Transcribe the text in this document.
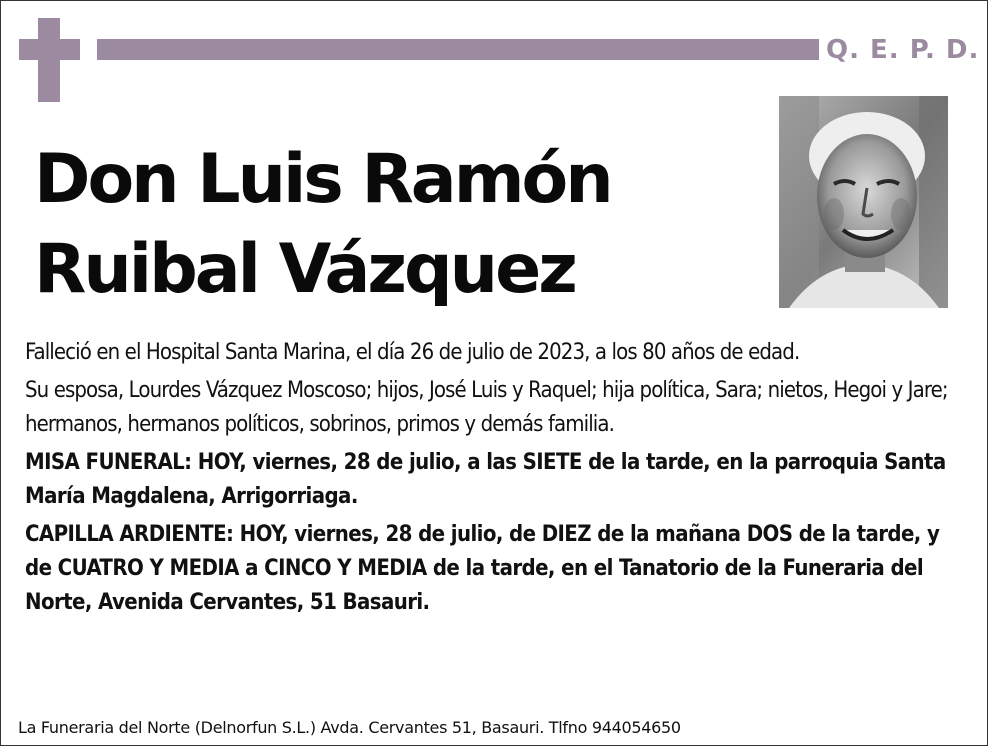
Q. E. P. D.
Don Luis Ramón
Ruibal Vázquez

Falleció en el Hospital Santa Marina, el día 26 de julio de 2023, a los 80 años de edad.

Su esposa, Lourdes Vázquez Moscoso; hijos, José Luis y Raquel; hija política, Sara; nietos, Hegoi y Jare; hermanos, hermanos políticos, sobrinos, primos y demás familia.

MISA FUNERAL: HOY, viernes, 28 de julio, a las SIETE de la tarde, en la parroquia Santa María Magdalena, Arrigorriaga.

CAPILLA ARDIENTE: HOY, viernes, 28 de julio, de DIEZ de la mañana DOS de la tarde, y de CUATRO Y MEDIA a CINCO Y MEDIA de la tarde, en el Tanatorio de la Funeraria del Norte, Avenida Cervantes, 51 Basauri.

La Funeraria del Norte (Delnorfun S.L.) Avda. Cervantes 51, Basauri. Tlfno 944054650
